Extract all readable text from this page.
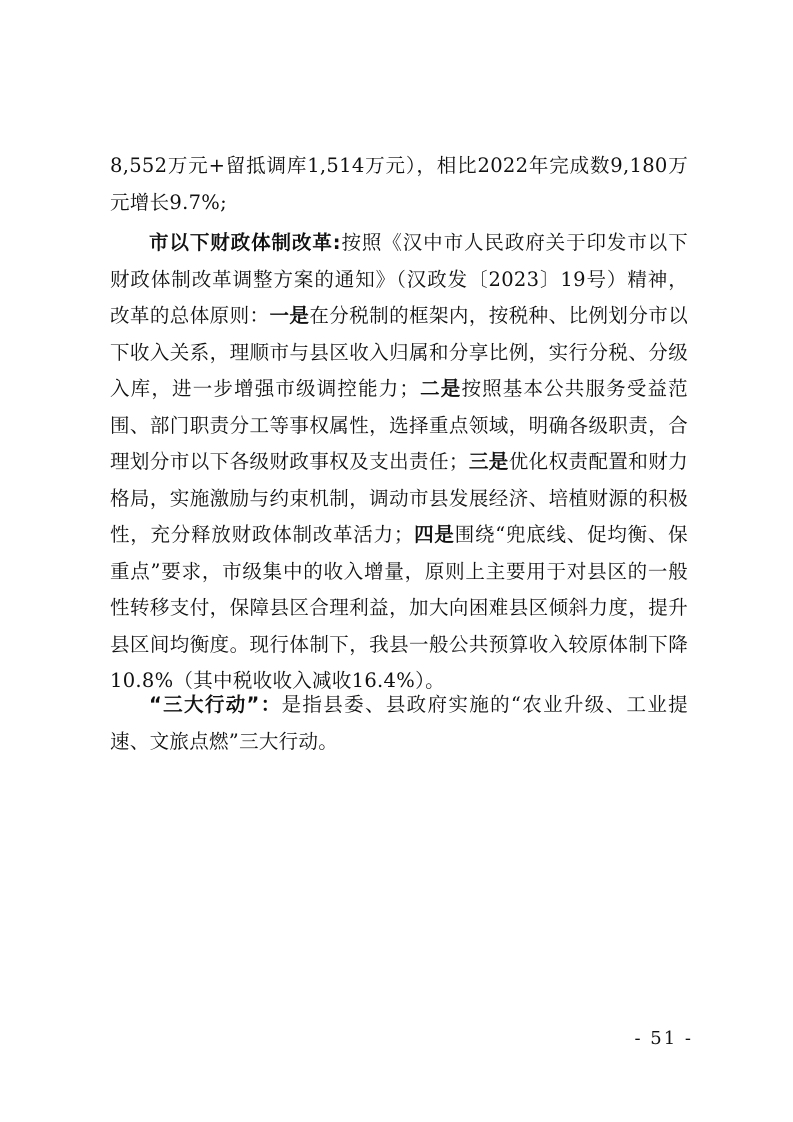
8,552万元+留抵调库1,514万元），相比2022年完成数9,180万元增长9.7%;

市以下财政体制改革:按照《汉中市人民政府关于印发市以下财政体制改革调整方案的通知》（汉政发〔2023〕19号）精神，改革的总体原则：一是在分税制的框架内，按税种、比例划分市以下收入关系，理顺市与县区收入归属和分享比例，实行分税、分级入库，进一步增强市级调控能力；二是按照基本公共服务受益范围、部门职责分工等事权属性，选择重点领域，明确各级职责，合理划分市以下各级财政事权及支出责任；三是优化权责配置和财力格局，实施激励与约束机制，调动市县发展经济、培植财源的积极性，充分释放财政体制改革活力；四是围绕“兜底线、促均衡、保重点”要求，市级集中的收入增量，原则上主要用于对县区的一般性转移支付，保障县区合理利益，加大向困难县区倾斜力度，提升县区间均衡度。现行体制下，我县一般公共预算收入较原体制下降10.8%（其中税收收入减收16.4%）。

“三大行动”：是指县委、县政府实施的“农业升级、工业提速、文旅点燃”三大行动。

- 51 -
